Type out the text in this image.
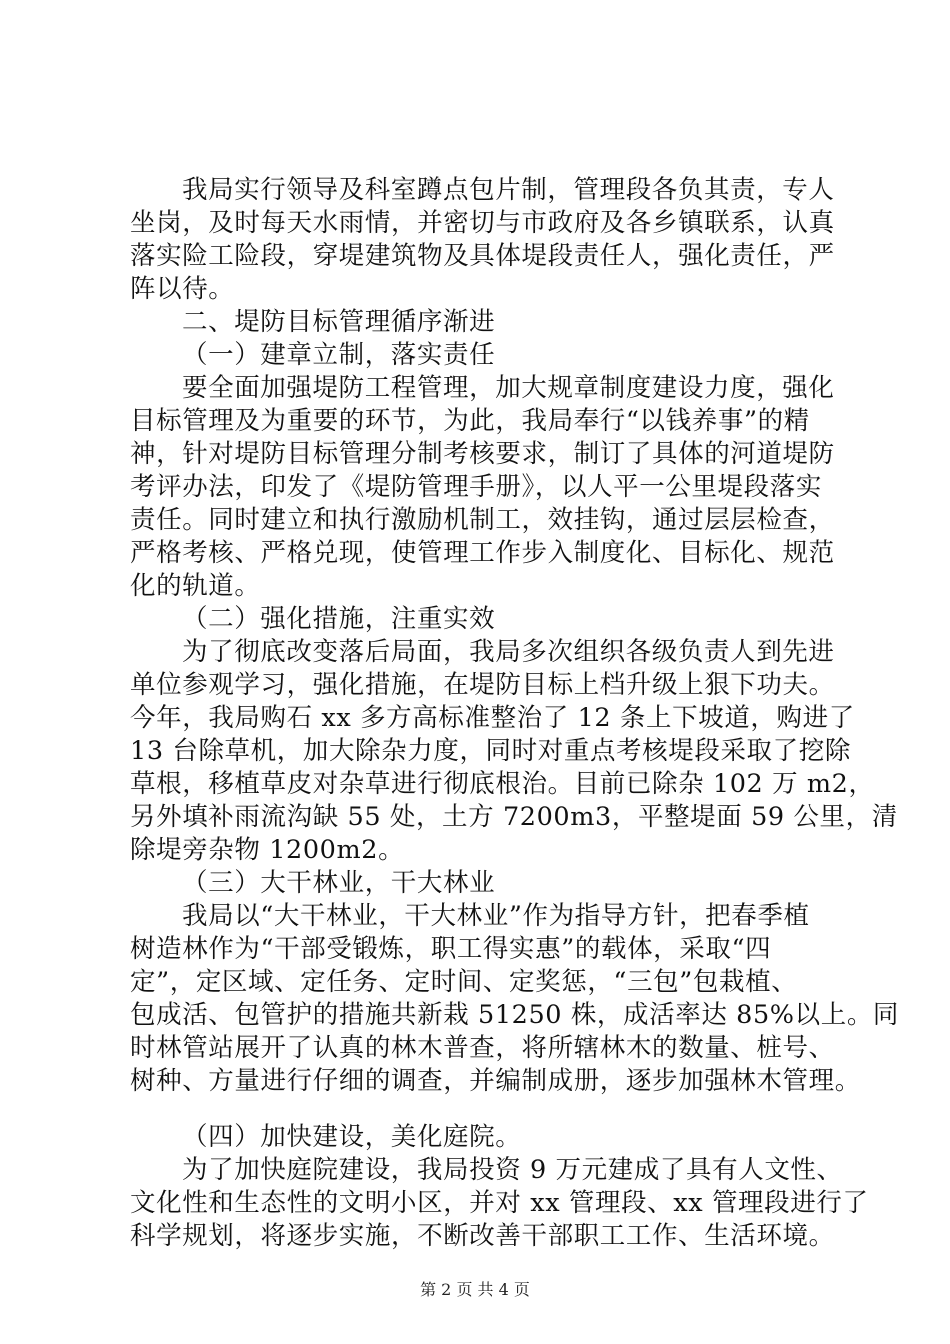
我局实行领导及科室蹲点包片制，管理段各负其责，专人
坐岗，及时每天水雨情，并密切与市政府及各乡镇联系，认真
落实险工险段，穿堤建筑物及具体堤段责任人，强化责任，严
阵以待。
二、堤防目标管理循序渐进
（一）建章立制，落实责任
要全面加强堤防工程管理，加大规章制度建设力度，强化
目标管理及为重要的环节，为此，我局奉行“以钱养事”的精
神，针对堤防目标管理分制考核要求，制订了具体的河道堤防
考评办法，印发了《堤防管理手册》，以人平一公里堤段落实
责任。同时建立和执行激励机制工，效挂钩，通过层层检查，
严格考核、严格兑现，使管理工作步入制度化、目标化、规范
化的轨道。
（二）强化措施，注重实效
为了彻底改变落后局面，我局多次组织各级负责人到先进
单位参观学习，强化措施，在堤防目标上档升级上狠下功夫。
今年，我局购石 xx 多方高标准整治了 12 条上下坡道，购进了
13 台除草机，加大除杂力度，同时对重点考核堤段采取了挖除
草根，移植草皮对杂草进行彻底根治。目前已除杂 102 万 m2，
另外填补雨流沟缺 55 处，土方 7200m3，平整堤面 59 公里，清
除堤旁杂物 1200m2。
（三）大干林业，干大林业
我局以“大干林业，干大林业”作为指导方针，把春季植
树造林作为“干部受锻炼，职工得实惠”的载体，采取“四
定”，定区域、定任务、定时间、定奖惩，“三包”包栽植、
包成活、包管护的措施共新栽 51250 株，成活率达 85%以上。同
时林管站展开了认真的林木普查，将所辖林木的数量、桩号、
树种、方量进行仔细的调查，并编制成册，逐步加强林木管理。
（四）加快建设，美化庭院。
为了加快庭院建设，我局投资 9 万元建成了具有人文性、
文化性和生态性的文明小区，并对 xx 管理段、xx 管理段进行了
科学规划，将逐步实施，不断改善干部职工工作、生活环境。
第 2 页 共 4 页
